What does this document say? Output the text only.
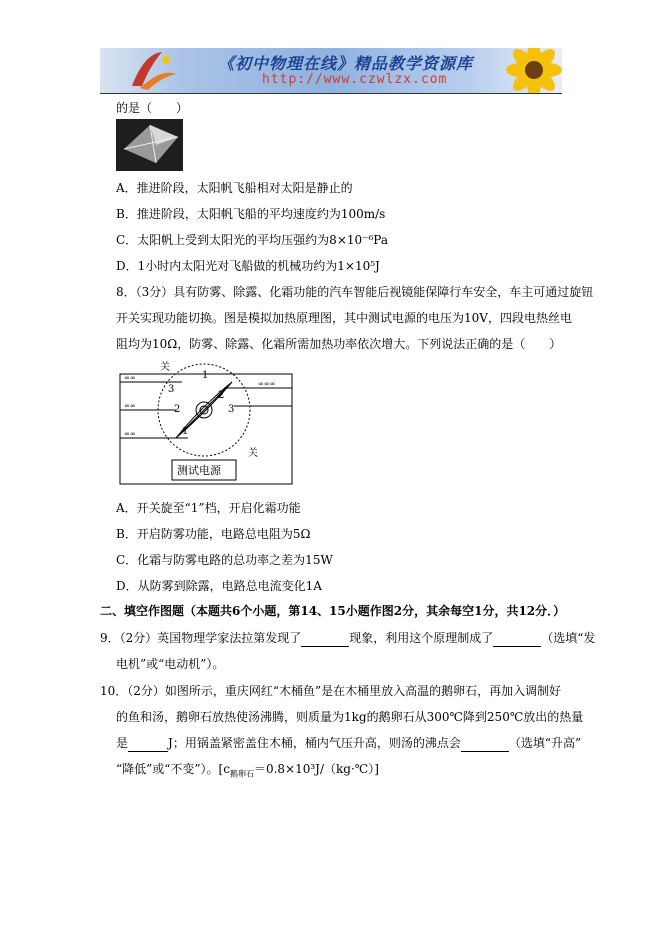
《初中物理在线》精品教学资源库
http://www.czwlzx.com
的是（　　）
A．推进阶段，太阳帆飞船相对太阳是静止的
B．推进阶段，太阳帆飞船的平均速度约为100m/s
C．太阳帆上受到太阳光的平均压强约为8×10⁻⁶Pa
D．1小时内太阳光对飞船做的机械功约为1×10⁵J
8．（3分）具有防雾、除露、化霜功能的汽车智能后视镜能保障行车安全，车主可通过旋钮
开关实现功能切换。图是模拟加热原理图，其中测试电源的电压为10V，四段电热丝电
阻均为10Ω，防雾、除露、化霜所需加热功率依次增大。下列说法正确的是（　　）
∞∞
∞∞
∞∞
∞∞∞
关
关
1
2
3
3
2
1
测试电源
A．开关旋至“1”档，开启化霜功能
B．开启防雾功能，电路总电阻为5Ω
C．化霜与防雾电路的总功率之差为15W
D．从防雾到除露，电路总电流变化1A
二、填空作图题（本题共6个小题，第14、15小题作图2分，其余每空1分，共12分．）
9．（2分）英国物理学家法拉第发现了	现象，利用这个原理制成了	（选填“发
电机”或“电动机”）。
10．（2分）如图所示，重庆网红“木桶鱼”是在木桶里放入高温的鹅卵石，再加入调制好
的鱼和汤，鹅卵石放热使汤沸腾，则质量为1kg的鹅卵石从300℃降到250℃放出的热量
是	J；用锅盖紧密盖住木桶，桶内气压升高，则汤的沸点会	（选填“升高”
“降低”或“不变”）。$[c_{鹅卵石}=0.8\times 10^3J/(kg\cdot℃)]$
